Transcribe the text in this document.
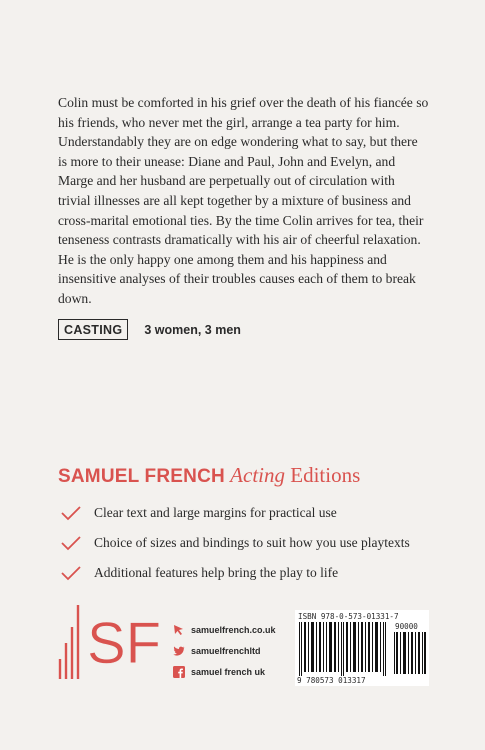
Colin must be comforted in his grief over the death of his fiancée so his friends, who never met the girl, arrange a tea party for him. Understandably they are on edge wondering what to say, but there is more to their unease: Diane and Paul, John and Evelyn, and Marge and her husband are perpetually out of circulation with trivial illnesses are all kept together by a mixture of business and cross-marital emotional ties. By the time Colin arrives for tea, their tenseness contrasts dramatically with his air of cheerful relaxation. He is the only happy one among them and his happiness and insensitive analyses of their troubles causes each of them to break down.

CASTING	3 women, 3 men
SAMUEL FRENCH Acting Editions
Clear text and large margins for practical use
Choice of sizes and bindings to suit how you use playtexts
Additional features help bring the play to life
SF	samuelfrench.co.uk
samuelfrenchltd
samuel french uk
ISBN 978-0-573-01331-7
90000
9 780573 013317
